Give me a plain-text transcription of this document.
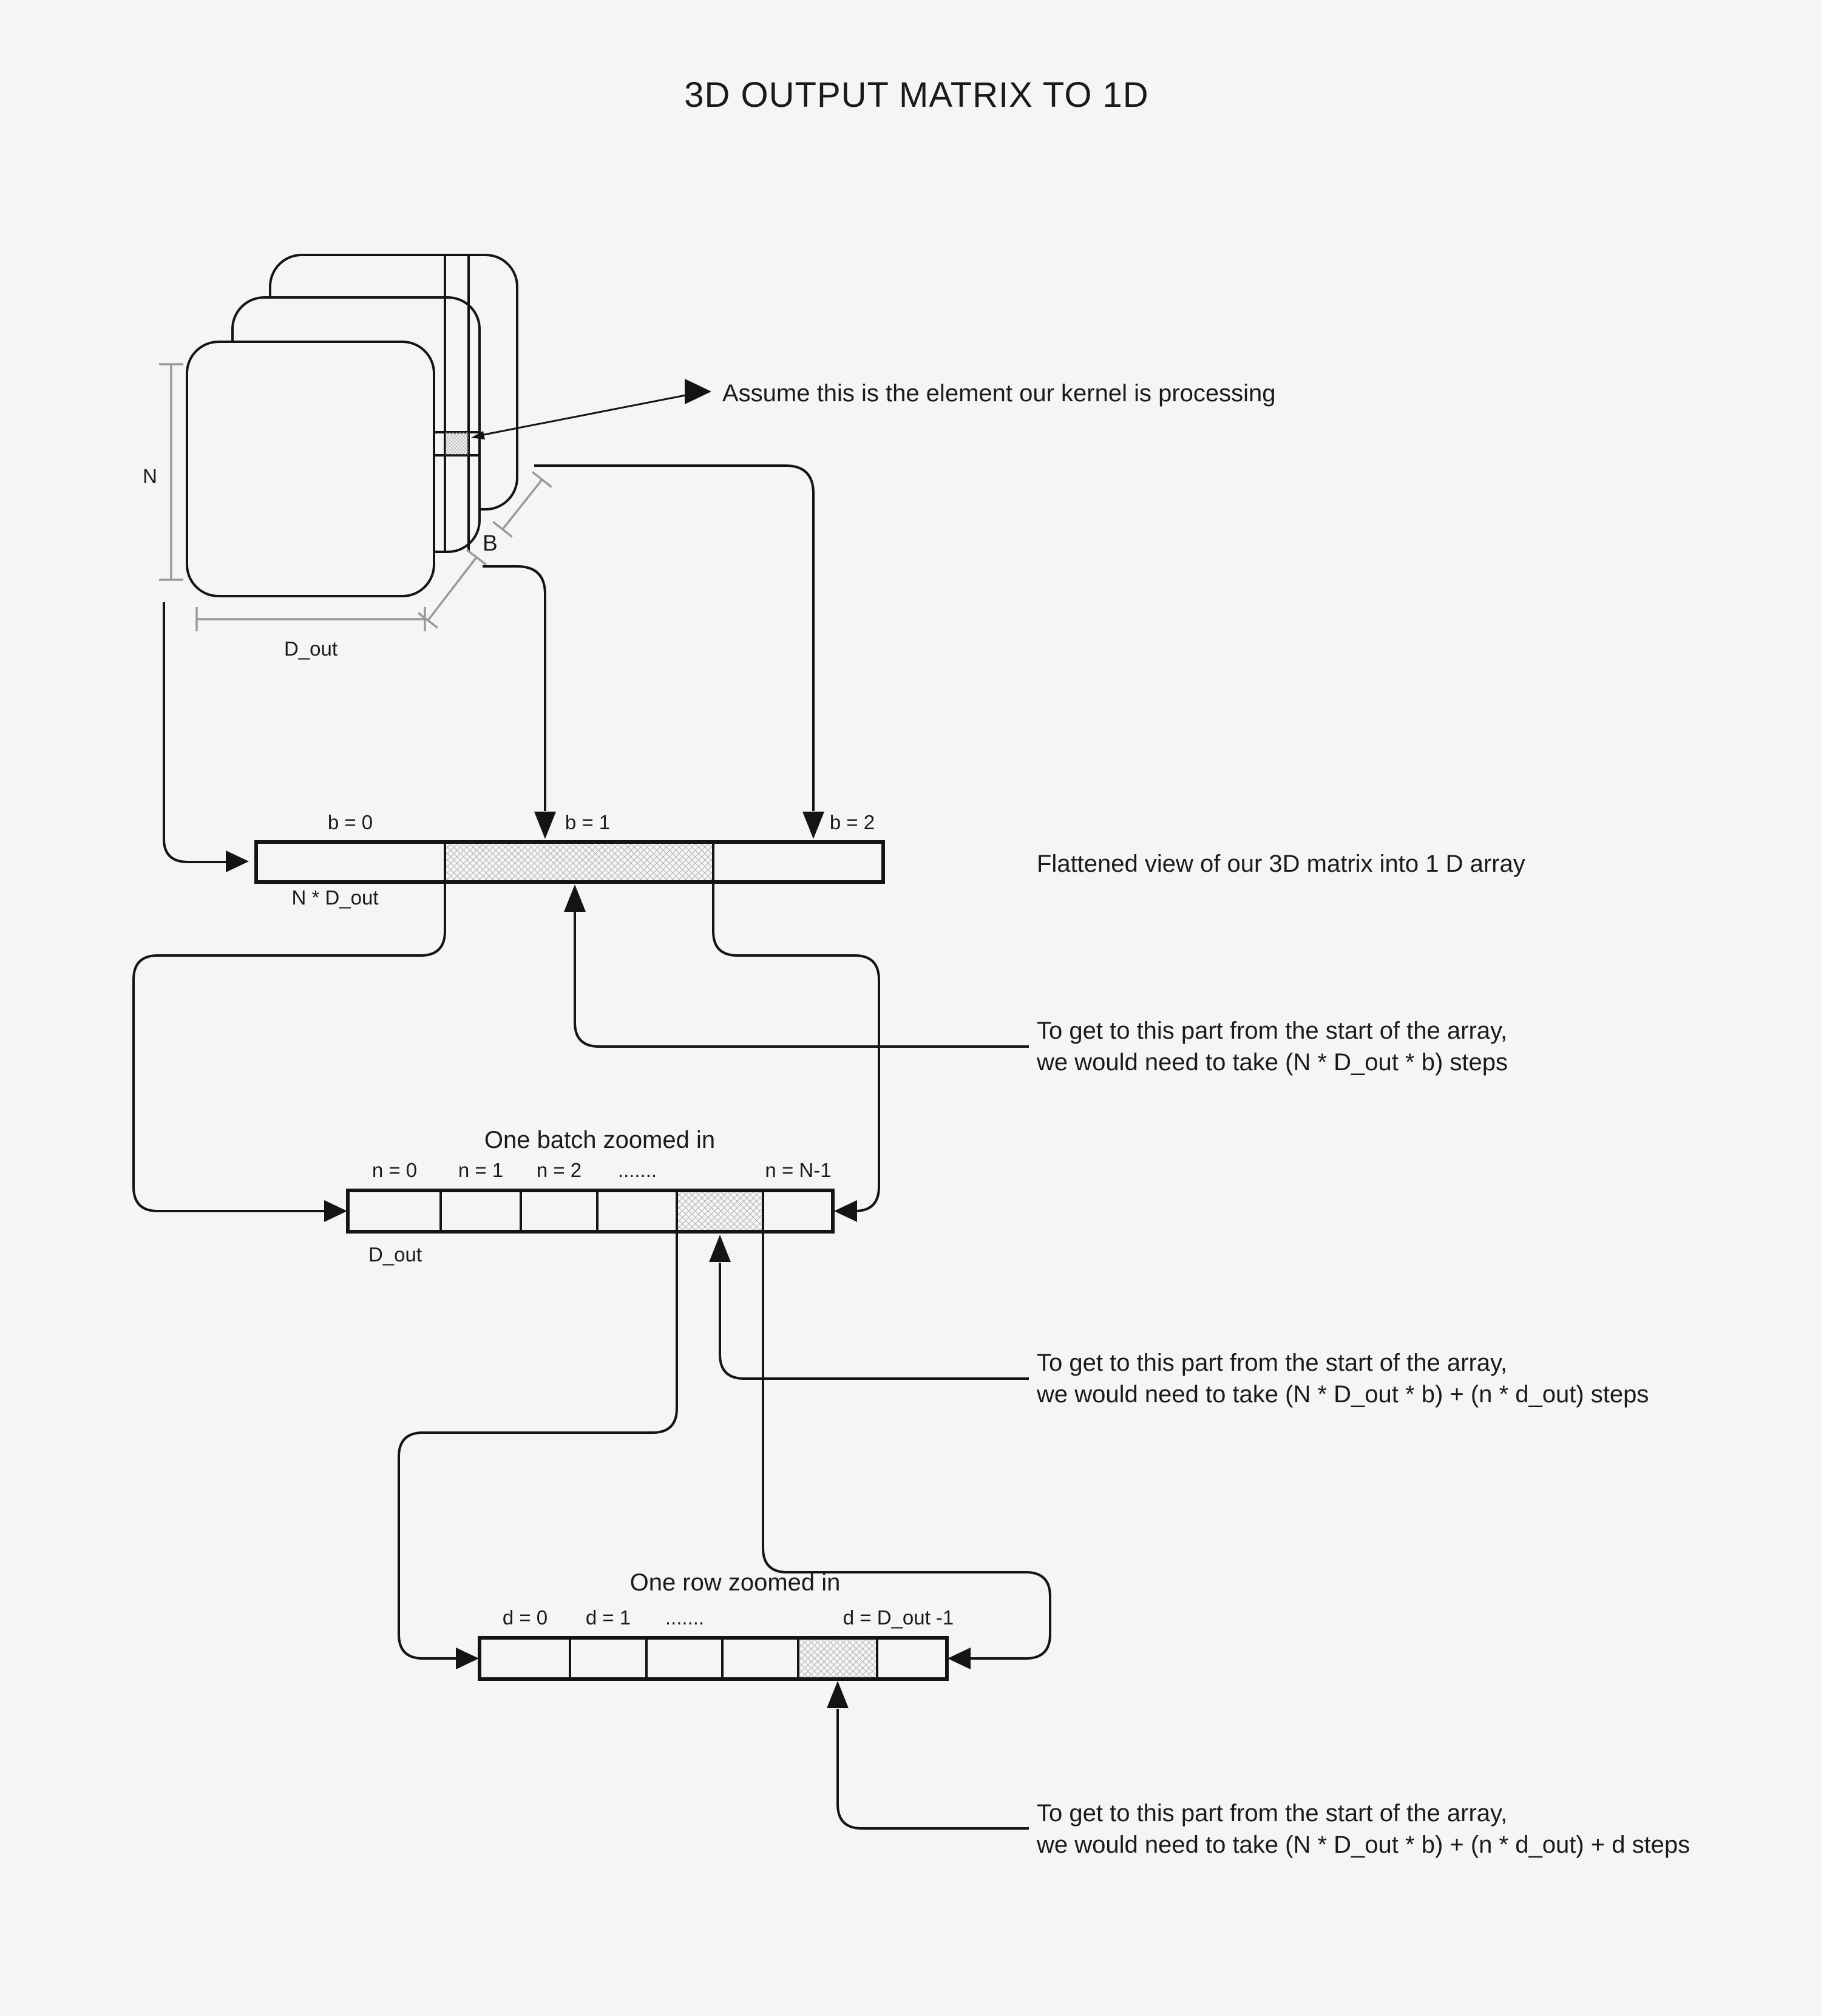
3D OUTPUT MATRIX TO 1D
N
B
D_out
Assume this is the element our kernel is processing
b = 0	b = 1	b = 2
N * D_out
Flattened view of our 3D matrix into 1 D array
To get to this part from the start of the array,
we would need to take (N * D_out * b) steps
One batch zoomed in
n = 0 n = 1 n = 2 .......	n = N-1
D_out
To get to this part from the start of the array,
we would need to take (N * D_out * b) + (n * d_out) steps
One row zoomed in
d = 0 d = 1 .......	d = D_out -1
To get to this part from the start of the array,
we would need to take (N * D_out * b) + (n * d_out) + d steps
